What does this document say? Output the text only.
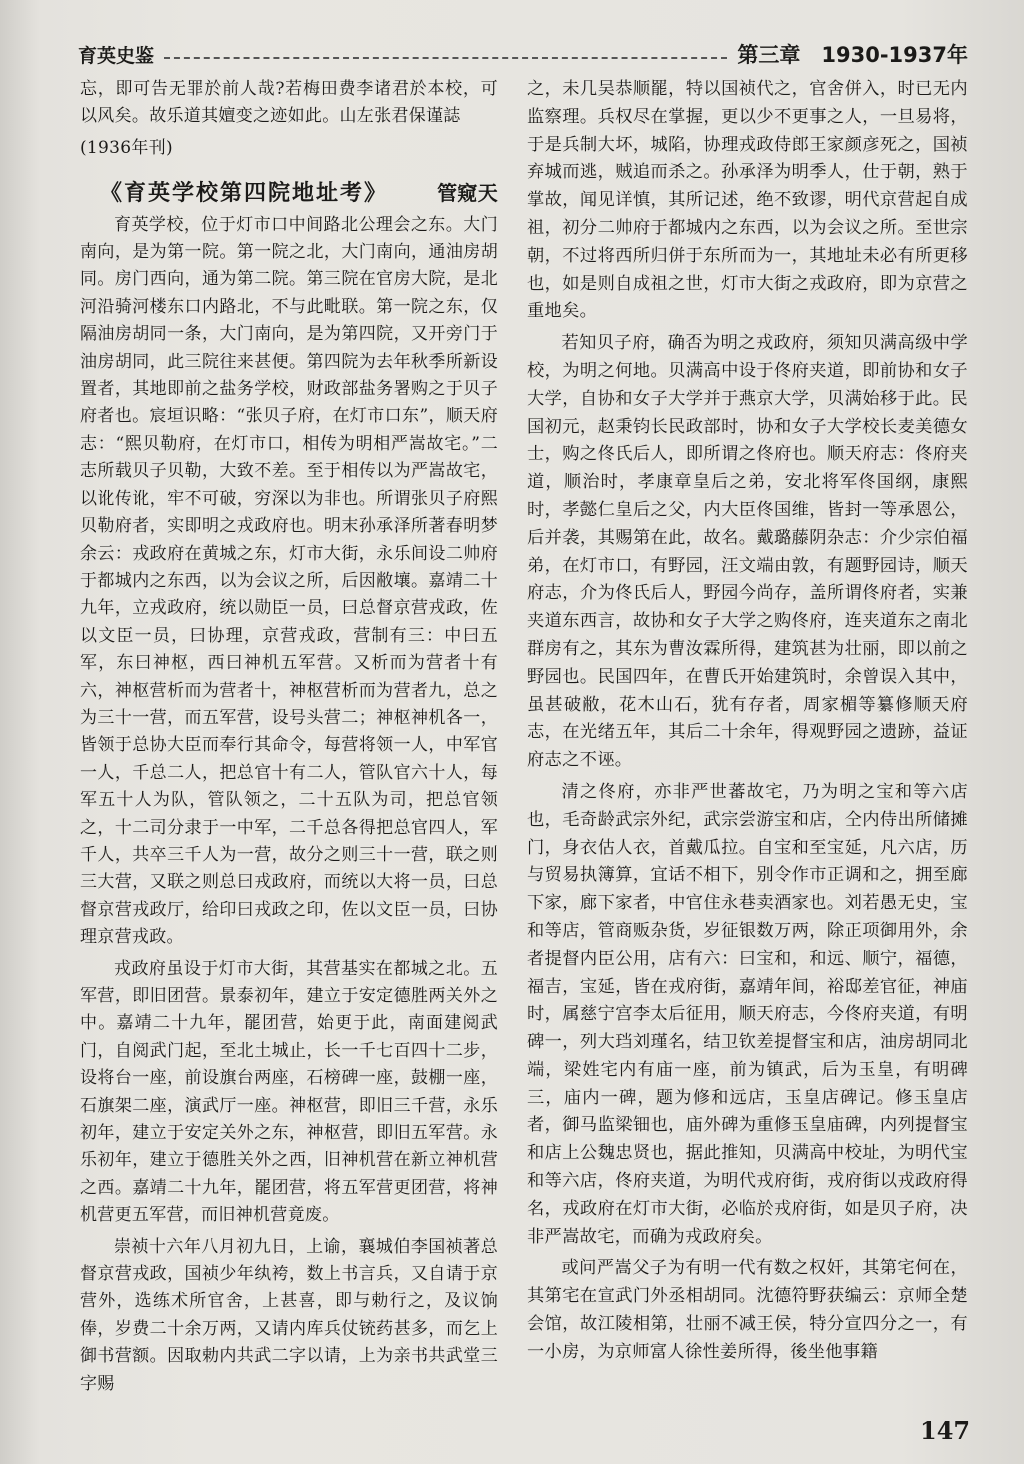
育英史鉴	第三章　1930-1937年

忘，即可告无罪於前人哉?若梅田费李诸君於本校，可以风矣。故乐道其嬗变之迹如此。山左张君保谨誌

(1936年刊)

《育英学校第四院地址考》 管窥天

育英学校，位于灯市口中间路北公理会之东。大门南向，是为第一院。第一院之北，大门南向，通油房胡同。房门西向，通为第二院。第三院在官房大院，是北河沿骑河楼东口内路北，不与此毗联。第一院之东，仅隔油房胡同一条，大门南向，是为第四院，又开旁门于油房胡同，此三院往来甚便。第四院为去年秋季所新设置者，其地即前之盐务学校，财政部盐务署购之于贝子府者也。宸垣识略：“张贝子府，在灯市口东”，顺天府志：“熙贝勒府，在灯市口，相传为明相严嵩故宅。”二志所载贝子贝勒，大致不差。至于相传以为严嵩故宅，以讹传讹，牢不可破，穷深以为非也。所谓张贝子府熙贝勒府者，实即明之戎政府也。明末孙承泽所著春明梦余云：戎政府在黄城之东，灯市大街，永乐间设二帅府于都城内之东西，以为会议之所，后因敝壤。嘉靖二十九年，立戎政府，统以勋臣一员，曰总督京营戎政，佐以文臣一员，曰协理，京营戎政，营制有三：中曰五军，东曰神枢，西曰神机五军营。又析而为营者十有六，神枢营析而为营者十，神枢营析而为营者九，总之为三十一营，而五军营，设号头营二；神枢神机各一，皆领于总协大臣而奉行其命令，每营将领一人，中军官一人，千总二人，把总官十有二人，管队官六十人，每军五十人为队，管队领之，二十五队为司，把总官领之，十二司分隶于一中军，二千总各得把总官四人，军千人，共卒三千人为一营，故分之则三十一营，联之则三大营，又联之则总曰戎政府，而统以大将一员，曰总督京营戎政厅，给印曰戎政之印，佐以文臣一员，曰协理京营戎政。

戎政府虽设于灯市大街，其营基实在都城之北。五军营，即旧团营。景泰初年，建立于安定德胜两关外之中。嘉靖二十九年，罷团营，始更于此，南面建阅武门，自阅武门起，至北土城止，长一千七百四十二步，设将台一座，前设旗台两座，石榜碑一座，鼓棚一座，石旗架二座，演武厅一座。神枢营，即旧三千营，永乐初年，建立于安定关外之东，神枢营，即旧五军营。永乐初年，建立于德胜关外之西，旧神机营在新立神机营之西。嘉靖二十九年，罷团营，将五军营更团营，将神机营更五军营，而旧神机营竟废。

崇祯十六年八月初九日，上谕，襄城伯李国祯著总督京营戎政，国祯少年纨袴，数上书言兵，又自请于京营外，选练术所官舍，上甚喜，即与勅行之，及议饷俸，岁费二十余万两，又请内库兵仗铳药甚多，而乞上御书营额。因取勅内共武二字以请，上为亲书共武堂三字赐

之，未几吴恭顺罷，特以国祯代之，官舍併入，时已无内监察理。兵权尽在掌握，更以少不更事之人，一旦易将，于是兵制大坏，城陷，协理戎政侍郎王家颜彦死之，国祯弃城而逃，贼追而杀之。孙承泽为明季人，仕于朝，熟于掌故，闻见详慎，其所记述，绝不致谬，明代京营起自成祖，初分二帅府于都城内之东西，以为会议之所。至世宗朝，不过将西所归併于东所而为一，其地址未必有所更移也，如是则自成祖之世，灯市大街之戎政府，即为京营之重地矣。

若知贝子府，确否为明之戎政府，须知贝满高级中学校，为明之何地。贝满高中设于佟府夹道，即前协和女子大学，自协和女子大学并于燕京大学，贝满始移于此。民国初元，赵秉钧长民政部时，协和女子大学校长麦美德女士，购之佟氏后人，即所谓之佟府也。顺天府志：佟府夹道，顺治时，孝康章皇后之弟，安北将军佟国纲，康熙时，孝懿仁皇后之父，内大臣佟国维，皆封一等承恩公，后并袭，其赐第在此，故名。戴璐藤阴杂志：介少宗伯福弟，在灯市口，有野园，汪文端由敦，有题野园诗，顺天府志，介为佟氏后人，野园今尚存，盖所谓佟府者，实兼夹道东西言，故协和女子大学之购佟府，连夹道东之南北群房有之，其东为曹汝霖所得，建筑甚为壮丽，即以前之野园也。民国四年，在曹氏开始建筑时，余曾误入其中，虽甚破敝，花木山石，犹有存者，周家楣等纂修顺天府志，在光绪五年，其后二十余年，得观野园之遗跡，益证府志之不诬。

清之佟府，亦非严世蕃故宅，乃为明之宝和等六店也，毛奇龄武宗外纪，武宗尝游宝和店，仝内侍出所储摊门，身衣估人衣，首戴瓜拉。自宝和至宝延，凡六店，历与贸易执簿算，宜话不相下，别令作市正调和之，拥至廊下家，廊下家者，中官住永巷卖酒家也。刘若愚无史，宝和等店，管商贩杂货，岁征银数万两，除正项御用外，余者提督内臣公用，店有六：曰宝和，和远、顺宁，福德，福吉，宝延，皆在戎府街，嘉靖年间，裕邸差官征，神庙时，属慈宁宫李太后征用，顺天府志，今佟府夹道，有明碑一，列大珰刘瑾名，结卫钦差提督宝和店，油房胡同北端，梁姓宅内有庙一座，前为镇武，后为玉皇，有明碑三，庙内一碑，题为修和远店，玉皇店碑记。修玉皇店者，御马监梁钿也，庙外碑为重修玉皇庙碑，内列提督宝和店上公魏忠贤也，据此推知，贝满高中校址，为明代宝和等六店，佟府夹道，为明代戎府街，戎府街以戎政府得名，戎政府在灯市大街，必临於戎府街，如是贝子府，决非严嵩故宅，而确为戎政府矣。

或问严嵩父子为有明一代有数之权奸，其第宅何在，其第宅在宣武门外丞相胡同。沈德符野获编云：京师全楚会馆，故江陵相第，壮丽不减王侯，特分宣四分之一，有一小房，为京师富人徐性姜所得，後坐他事籍

147
